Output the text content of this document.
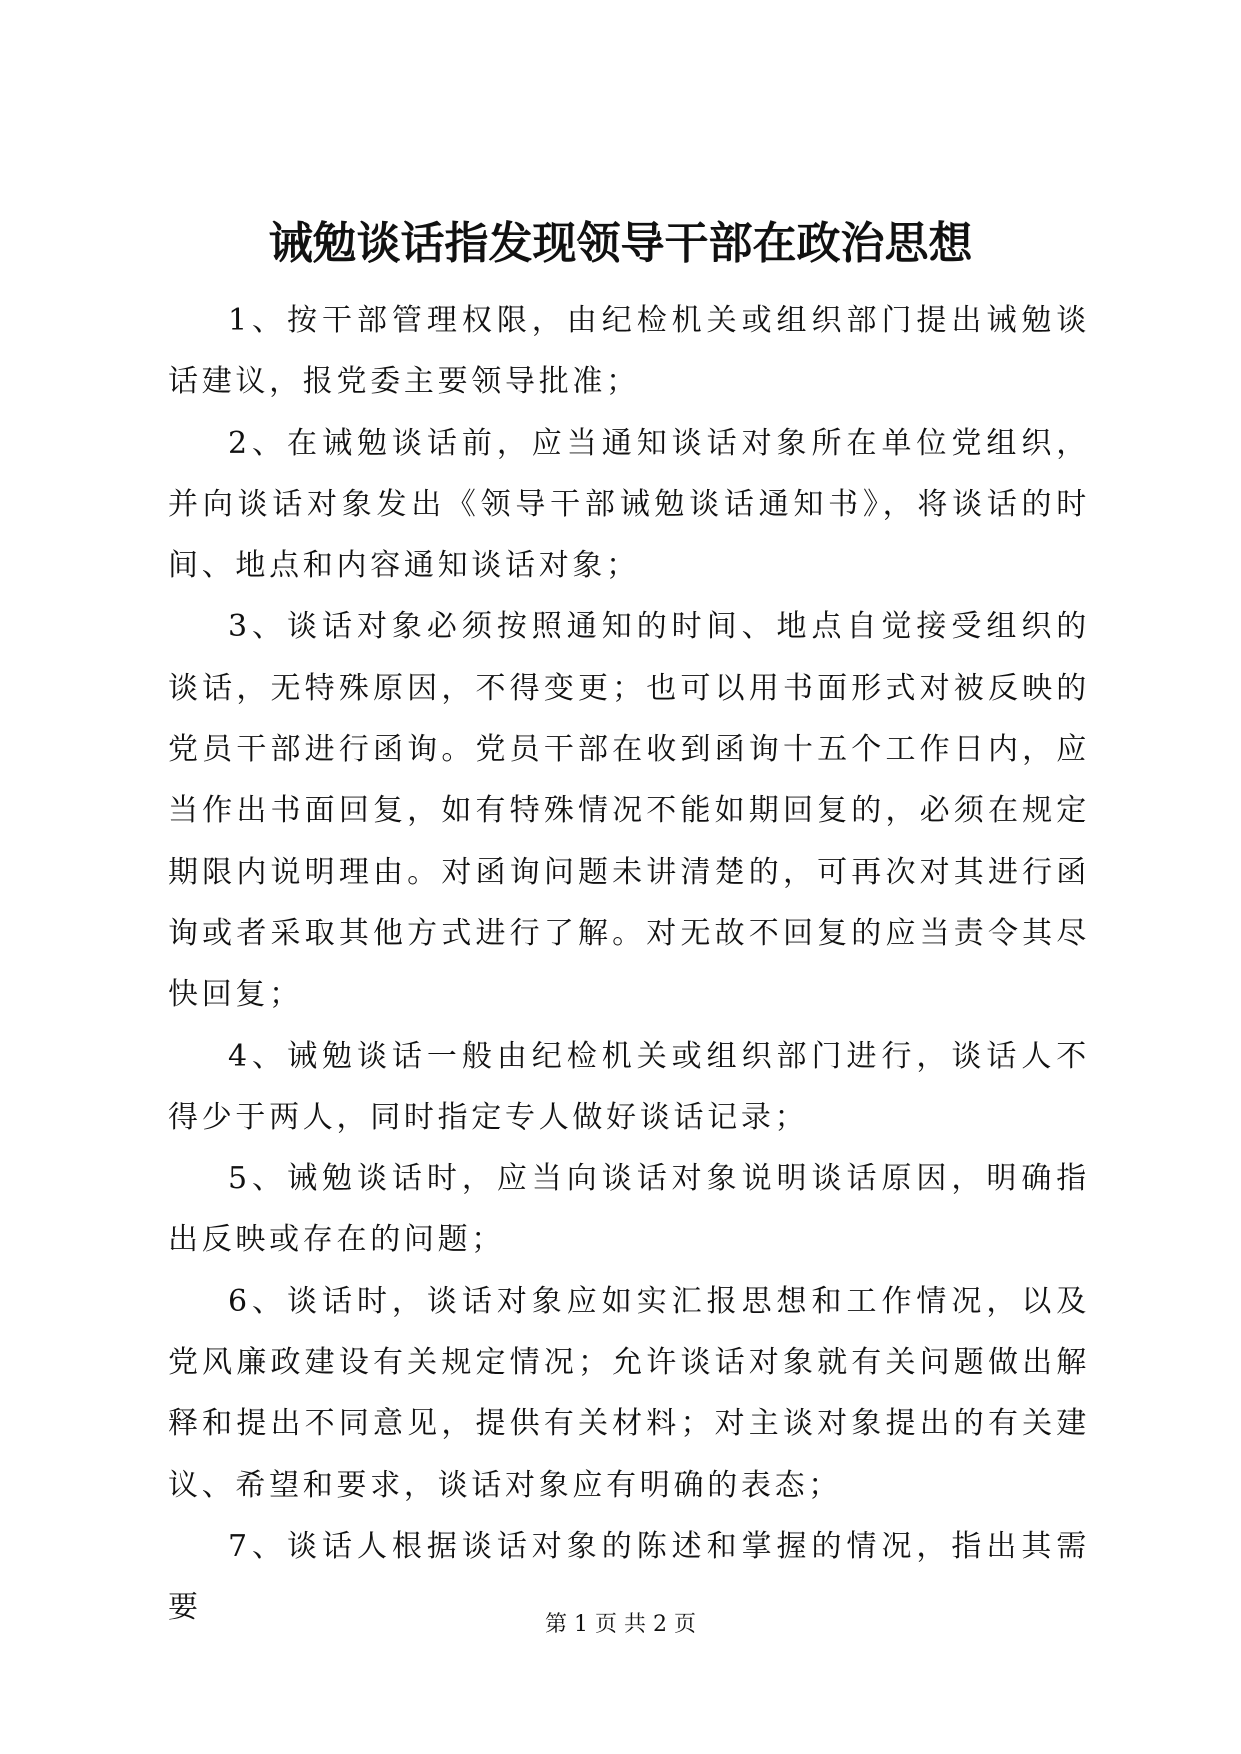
诫勉谈话指发现领导干部在政治思想

1、按干部管理权限，由纪检机关或组织部门提出诫勉谈话建议，报党委主要领导批准；

2、在诫勉谈话前，应当通知谈话对象所在单位党组织，并向谈话对象发出《领导干部诫勉谈话通知书》，将谈话的时间、地点和内容通知谈话对象；

3、谈话对象必须按照通知的时间、地点自觉接受组织的谈话，无特殊原因，不得变更；也可以用书面形式对被反映的党员干部进行函询。党员干部在收到函询十五个工作日内，应当作出书面回复，如有特殊情况不能如期回复的，必须在规定期限内说明理由。对函询问题未讲清楚的，可再次对其进行函询或者采取其他方式进行了解。对无故不回复的应当责令其尽快回复；

4、诫勉谈话一般由纪检机关或组织部门进行，谈话人不得少于两人，同时指定专人做好谈话记录；

5、诫勉谈话时，应当向谈话对象说明谈话原因，明确指出反映或存在的问题；

6、谈话时，谈话对象应如实汇报思想和工作情况，以及党风廉政建设有关规定情况；允许谈话对象就有关问题做出解释和提出不同意见，提供有关材料；对主谈对象提出的有关建议、希望和要求，谈话对象应有明确的表态；

7、谈话人根据谈话对象的陈述和掌握的情况，指出其需要	第 1 页 共 2 页
